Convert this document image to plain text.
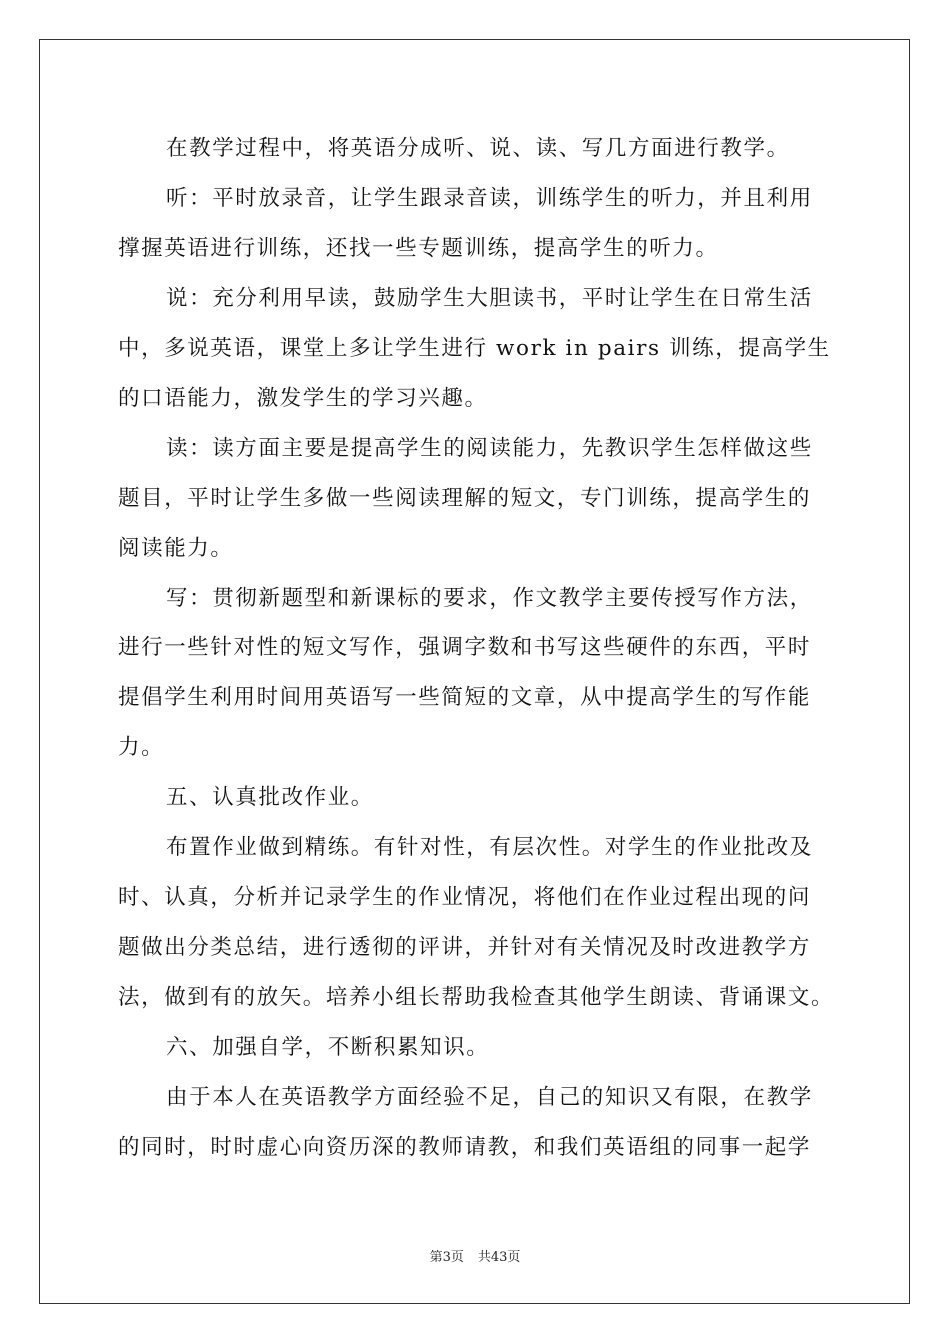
在教学过程中，将英语分成听、说、读、写几方面进行教学。
听：平时放录音，让学生跟录音读，训练学生的听力，并且利用
撑握英语进行训练，还找一些专题训练，提高学生的听力。
说：充分利用早读，鼓励学生大胆读书，平时让学生在日常生活
中，多说英语，课堂上多让学生进行 work in pairs 训练，提高学生
的口语能力，激发学生的学习兴趣。
读：读方面主要是提高学生的阅读能力，先教识学生怎样做这些
题目，平时让学生多做一些阅读理解的短文，专门训练，提高学生的
阅读能力。
写：贯彻新题型和新课标的要求，作文教学主要传授写作方法，
进行一些针对性的短文写作，强调字数和书写这些硬件的东西，平时
提倡学生利用时间用英语写一些简短的文章，从中提高学生的写作能
力。
五、认真批改作业。
布置作业做到精练。有针对性，有层次性。对学生的作业批改及
时、认真，分析并记录学生的作业情况，将他们在作业过程出现的问
题做出分类总结，进行透彻的评讲，并针对有关情况及时改进教学方
法，做到有的放矢。培养小组长帮助我检查其他学生朗读、背诵课文。
六、加强自学，不断积累知识。
由于本人在英语教学方面经验不足，自己的知识又有限，在教学
的同时，时时虚心向资历深的教师请教，和我们英语组的同事一起学
第3页 共43页
